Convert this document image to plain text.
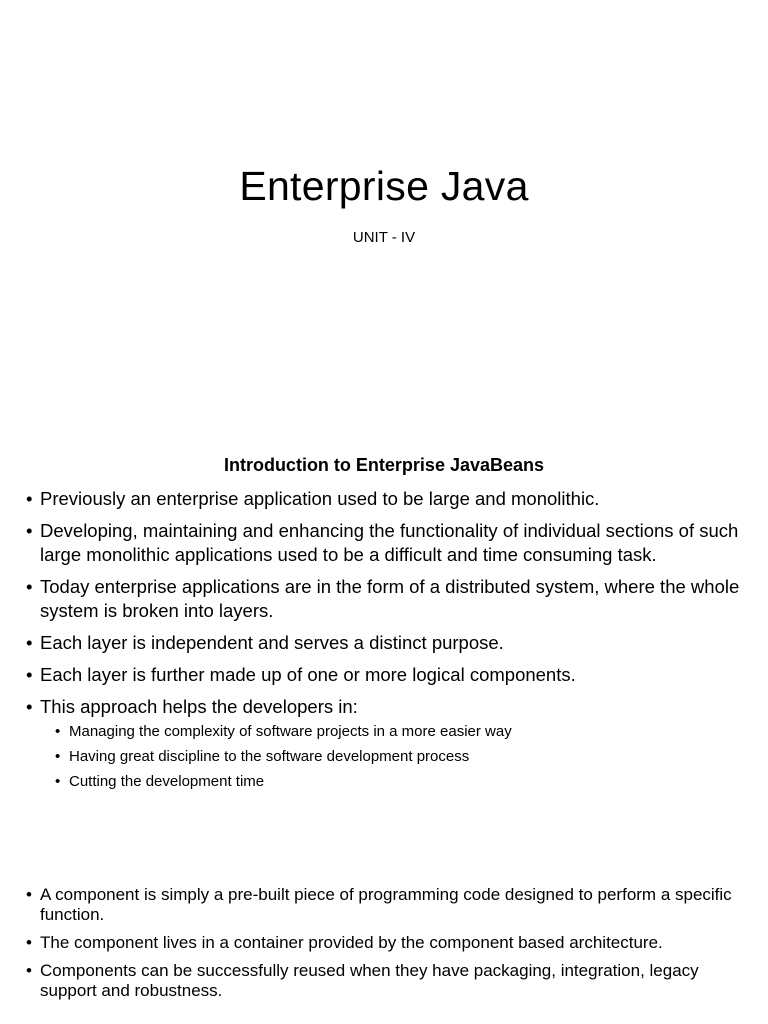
Enterprise Java

UNIT - IV

Introduction to Enterprise JavaBeans
• Previously an enterprise application used to be large and monolithic.
• Developing, maintaining and enhancing the functionality of individual sections of such large monolithic applications used to be a difficult and time consuming task.
• Today enterprise applications are in the form of a distributed system, where the whole system is broken into layers.
• Each layer is independent and serves a distinct purpose.
• Each layer is further made up of one or more logical components.
• This approach helps the developers in:
• Managing the complexity of software projects in a more easier way
• Having great discipline to the software development process
• Cutting the development time
• A component is simply a pre-built piece of programming code designed to perform a specific function.
• The component lives in a container provided by the component based architecture.
• Components can be successfully reused when they have packaging, integration, legacy support and robustness.
